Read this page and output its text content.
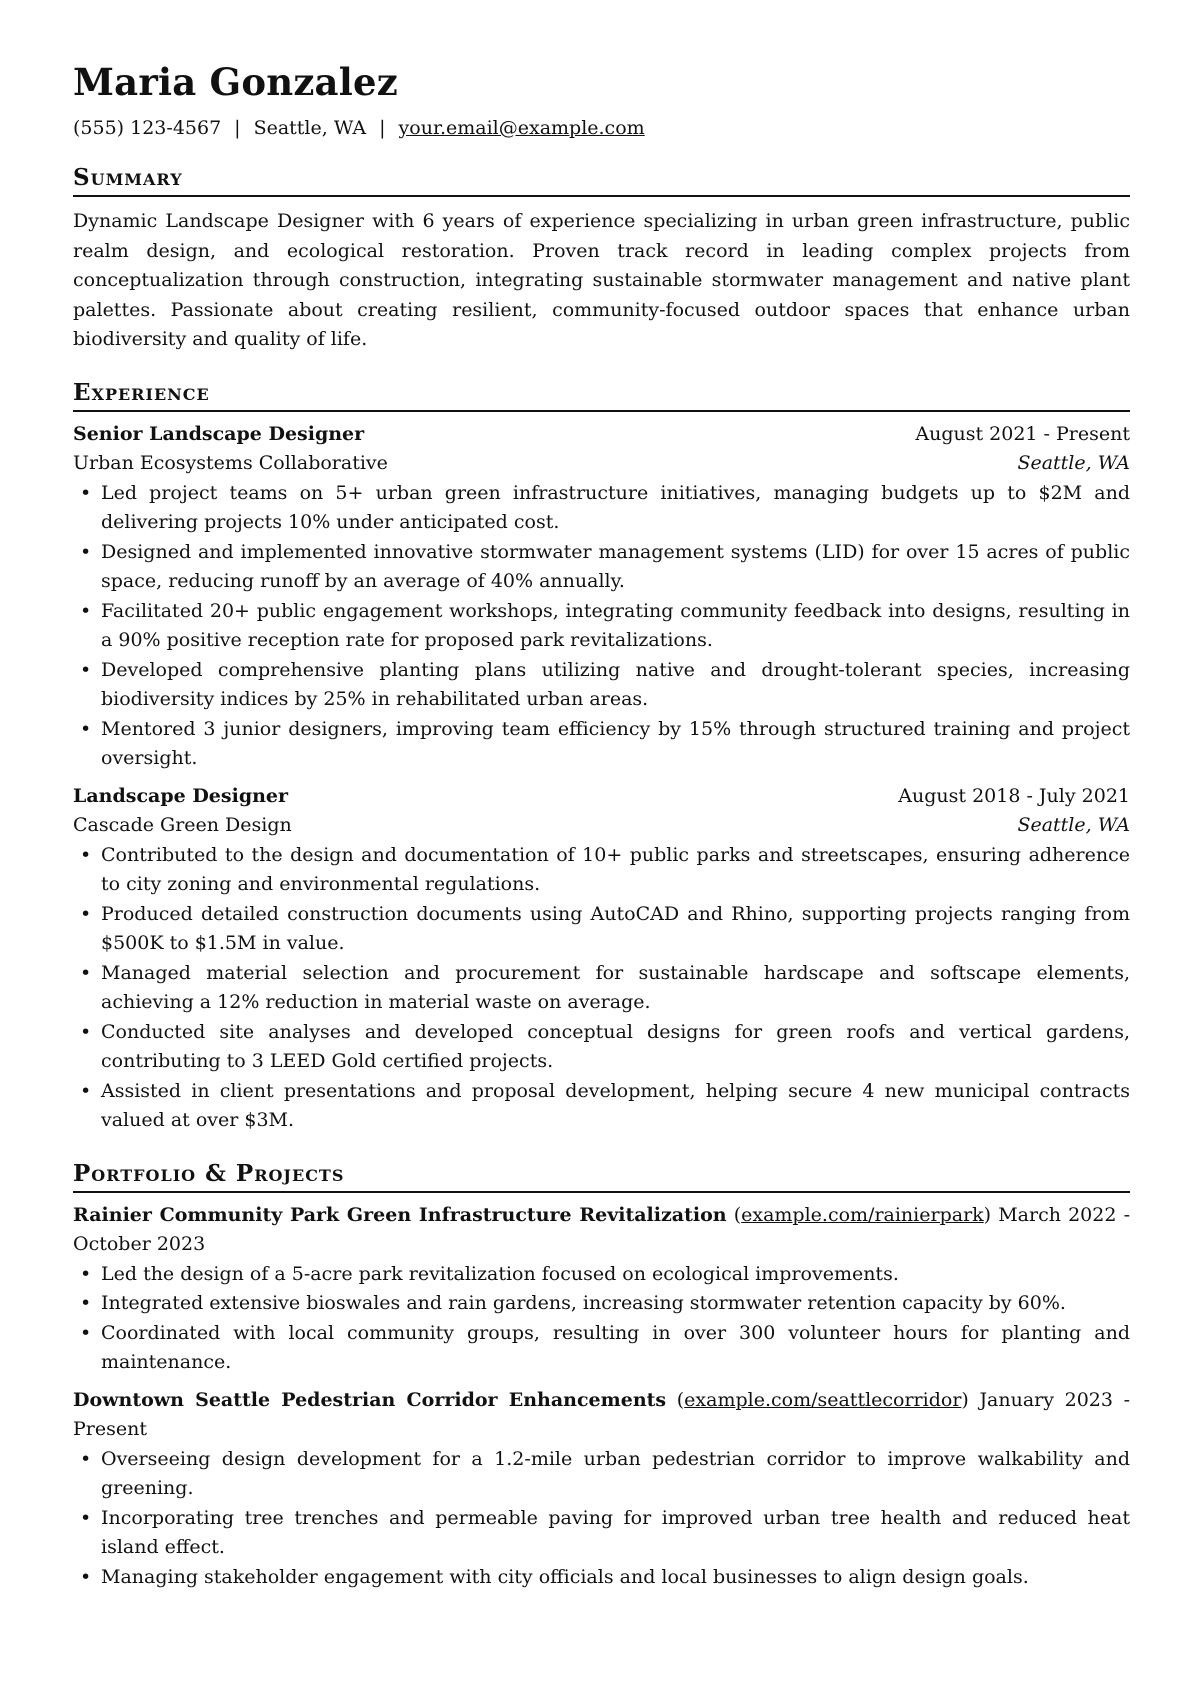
Maria Gonzalez
(555) 123-4567 | Seattle, WA | your.email@example.com
Summary
Dynamic Landscape Designer with 6 years of experience specializing in urban green infrastructure, public realm design, and ecological restoration. Proven track record in leading complex projects from conceptualization through construction, integrating sustainable stormwater management and native plant palettes. Passionate about creating resilient, community-focused outdoor spaces that enhance urban biodiversity and quality of life.
Experience
Senior Landscape Designer	August 2021 - Present
Urban Ecosystems Collaborative	Seattle, WA
• Led project teams on 5+ urban green infrastructure initiatives, managing budgets up to $2M and delivering projects 10% under anticipated cost.
• Designed and implemented innovative stormwater management systems (LID) for over 15 acres of public space, reducing runoff by an average of 40% annually.
• Facilitated 20+ public engagement workshops, integrating community feedback into designs, resulting in a 90% positive reception rate for proposed park revitalizations.
• Developed comprehensive planting plans utilizing native and drought-tolerant species, increasing biodiversity indices by 25% in rehabilitated urban areas.
• Mentored 3 junior designers, improving team efficiency by 15% through structured training and project oversight.
Landscape Designer	August 2018 - July 2021
Cascade Green Design	Seattle, WA
• Contributed to the design and documentation of 10+ public parks and streetscapes, ensuring adherence to city zoning and environmental regulations.
• Produced detailed construction documents using AutoCAD and Rhino, supporting projects ranging from $500K to $1.5M in value.
• Managed material selection and procurement for sustainable hardscape and softscape elements, achieving a 12% reduction in material waste on average.
• Conducted site analyses and developed conceptual designs for green roofs and vertical gardens, contributing to 3 LEED Gold certified projects.
• Assisted in client presentations and proposal development, helping secure 4 new municipal contracts valued at over $3M.
Portfolio & Projects
Rainier Community Park Green Infrastructure Revitalization (example.com/rainierpark) March 2022 - October 2023
• Led the design of a 5-acre park revitalization focused on ecological improvements.
• Integrated extensive bioswales and rain gardens, increasing stormwater retention capacity by 60%.
• Coordinated with local community groups, resulting in over 300 volunteer hours for planting and maintenance.
Downtown Seattle Pedestrian Corridor Enhancements (example.com/seattlecorridor) January 2023 - Present
• Overseeing design development for a 1.2-mile urban pedestrian corridor to improve walkability and greening.
• Incorporating tree trenches and permeable paving for improved urban tree health and reduced heat island effect.
• Managing stakeholder engagement with city officials and local businesses to align design goals.
